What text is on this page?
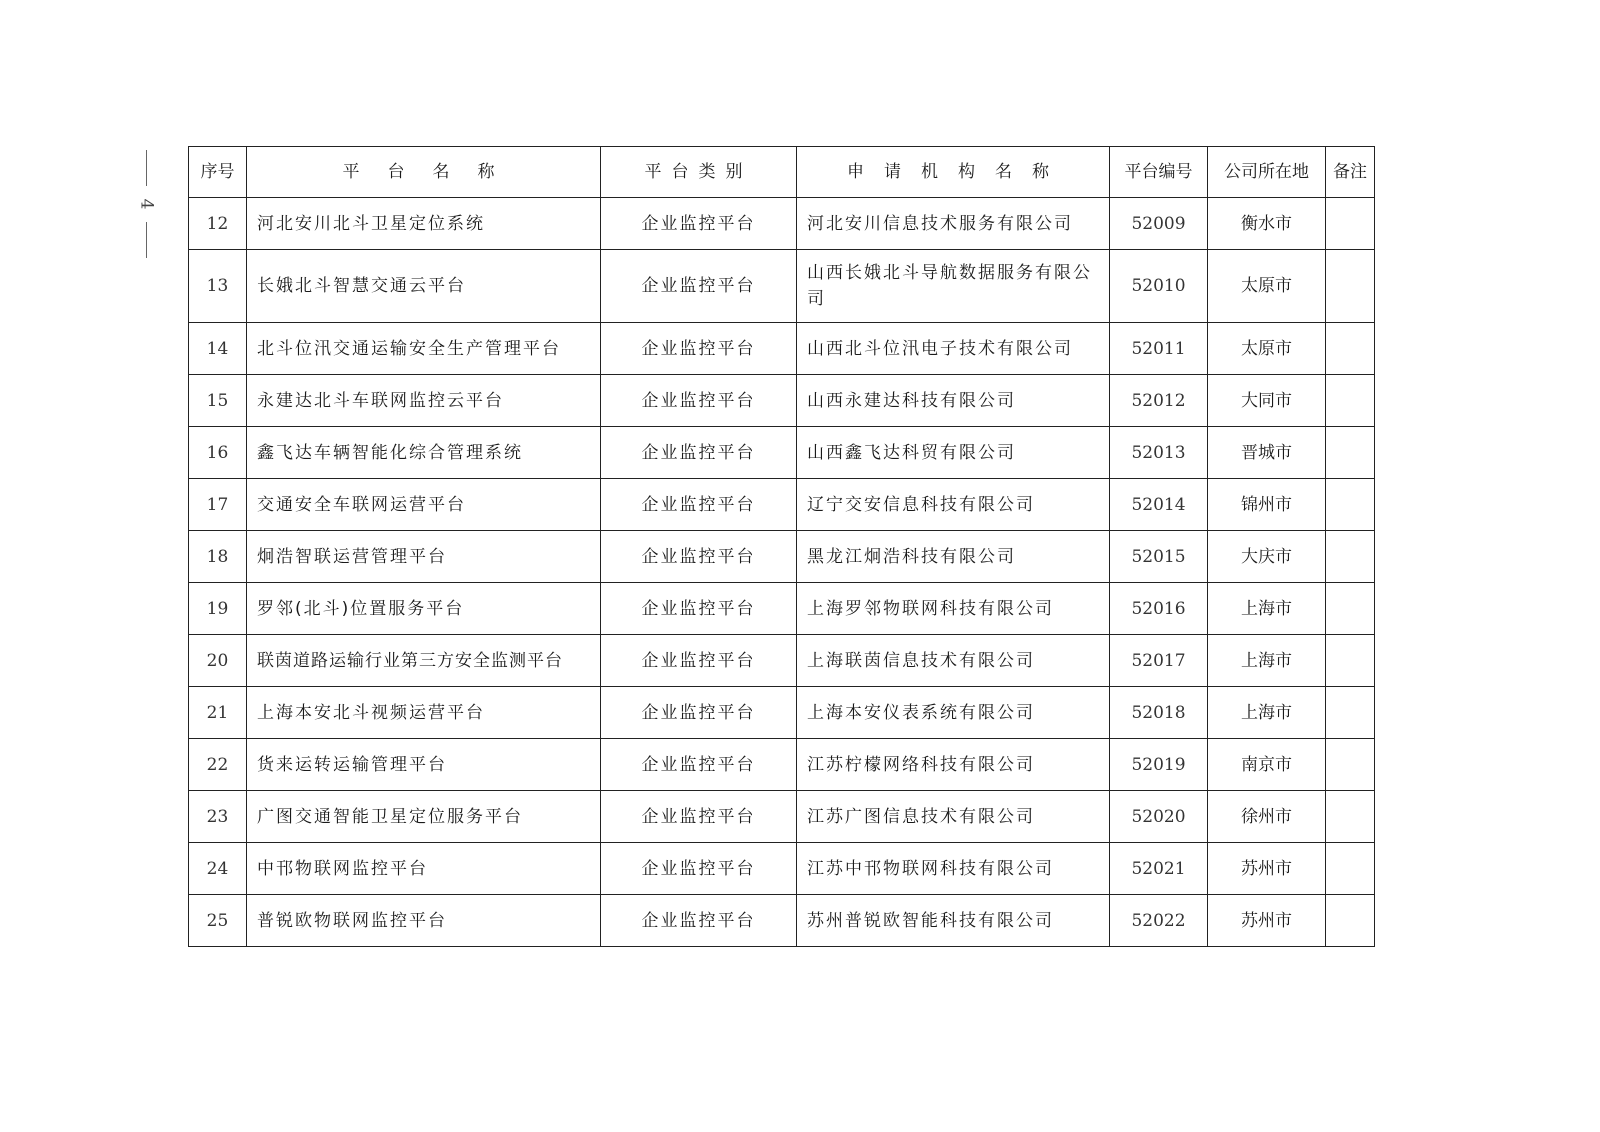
4
序号	平台名称	平台类别	申请机构名称	平台编号	公司所在地	备注
12	河北安川北斗卫星定位系统	企业监控平台	河北安川信息技术服务有限公司	52009	衡水市	
13	长娥北斗智慧交通云平台	企业监控平台	山西长娥北斗导航数据服务有限公司	52010	太原市	
14	北斗位汛交通运输安全生产管理平台	企业监控平台	山西北斗位汛电子技术有限公司	52011	太原市	
15	永建达北斗车联网监控云平台	企业监控平台	山西永建达科技有限公司	52012	大同市	
16	鑫飞达车辆智能化综合管理系统	企业监控平台	山西鑫飞达科贸有限公司	52013	晋城市	
17	交通安全车联网运营平台	企业监控平台	辽宁交安信息科技有限公司	52014	锦州市	
18	炯浩智联运营管理平台	企业监控平台	黑龙江炯浩科技有限公司	52015	大庆市	
19	罗邻(北斗)位置服务平台	企业监控平台	上海罗邻物联网科技有限公司	52016	上海市	
20	联茵道路运输行业第三方安全监测平台	企业监控平台	上海联茵信息技术有限公司	52017	上海市	
21	上海本安北斗视频运营平台	企业监控平台	上海本安仪表系统有限公司	52018	上海市	
22	货来运转运输管理平台	企业监控平台	江苏柠檬网络科技有限公司	52019	南京市	
23	广图交通智能卫星定位服务平台	企业监控平台	江苏广图信息技术有限公司	52020	徐州市	
24	中邗物联网监控平台	企业监控平台	江苏中邗物联网科技有限公司	52021	苏州市	
25	普锐欧物联网监控平台	企业监控平台	苏州普锐欧智能科技有限公司	52022	苏州市	
